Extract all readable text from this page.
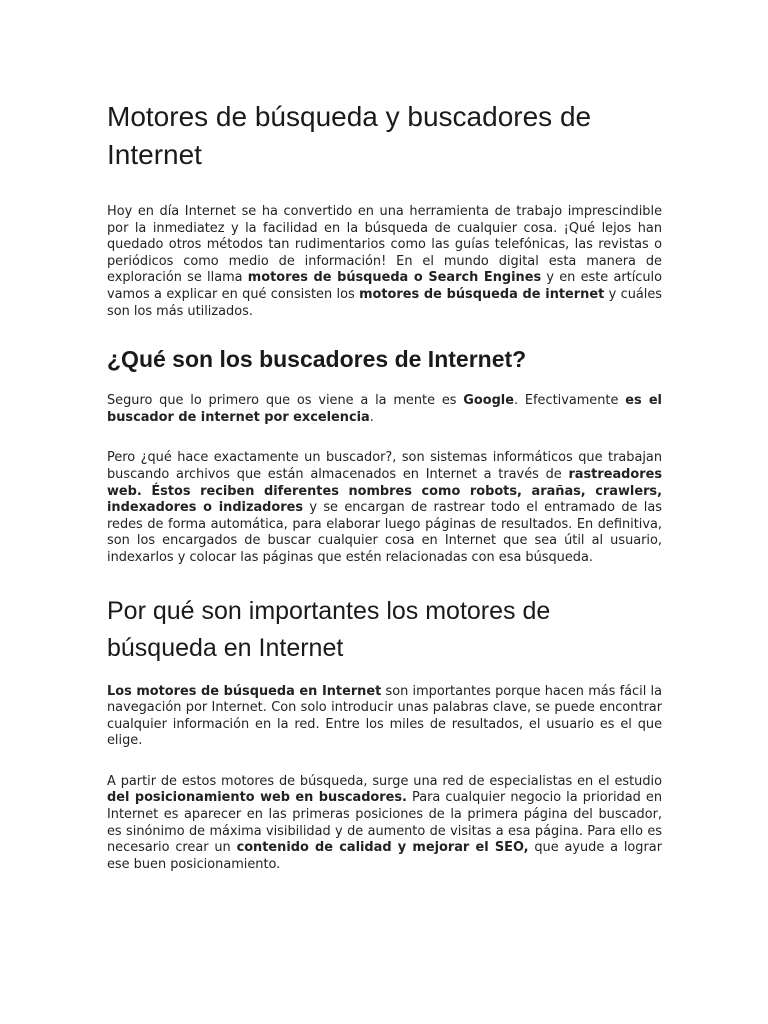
Motores de búsqueda y buscadores de Internet

Hoy en día Internet se ha convertido en una herramienta de trabajo imprescindible por la inmediatez y la facilidad en la búsqueda de cualquier cosa. ¡Qué lejos han quedado otros métodos tan rudimentarios como las guías telefónicas, las revistas o periódicos como medio de información! En el mundo digital esta manera de exploración se llama motores de búsqueda o Search Engines y en este artículo vamos a explicar en qué consisten los motores de búsqueda de internet y cuáles son los más utilizados.

¿Qué son los buscadores de Internet?

Seguro que lo primero que os viene a la mente es Google. Efectivamente es el buscador de internet por excelencia.

Pero ¿qué hace exactamente un buscador?, son sistemas informáticos que trabajan buscando archivos que están almacenados en Internet a través de rastreadores web. Éstos reciben diferentes nombres como robots, arañas, crawlers, indexadores o indizadores y se encargan de rastrear todo el entramado de las redes de forma automática, para elaborar luego páginas de resultados. En definitiva, son los encargados de buscar cualquier cosa en Internet que sea útil al usuario, indexarlos y colocar las páginas que estén relacionadas con esa búsqueda.

Por qué son importantes los motores de búsqueda en Internet

Los motores de búsqueda en Internet son importantes porque hacen más fácil la navegación por Internet. Con solo introducir unas palabras clave, se puede encontrar cualquier información en la red. Entre los miles de resultados, el usuario es el que elige.

A partir de estos motores de búsqueda, surge una red de especialistas en el estudio del posicionamiento web en buscadores. Para cualquier negocio la prioridad en Internet es aparecer en las primeras posiciones de la primera página del buscador, es sinónimo de máxima visibilidad y de aumento de visitas a esa página. Para ello es necesario crear un contenido de calidad y mejorar el SEO, que ayude a lograr ese buen posicionamiento.
